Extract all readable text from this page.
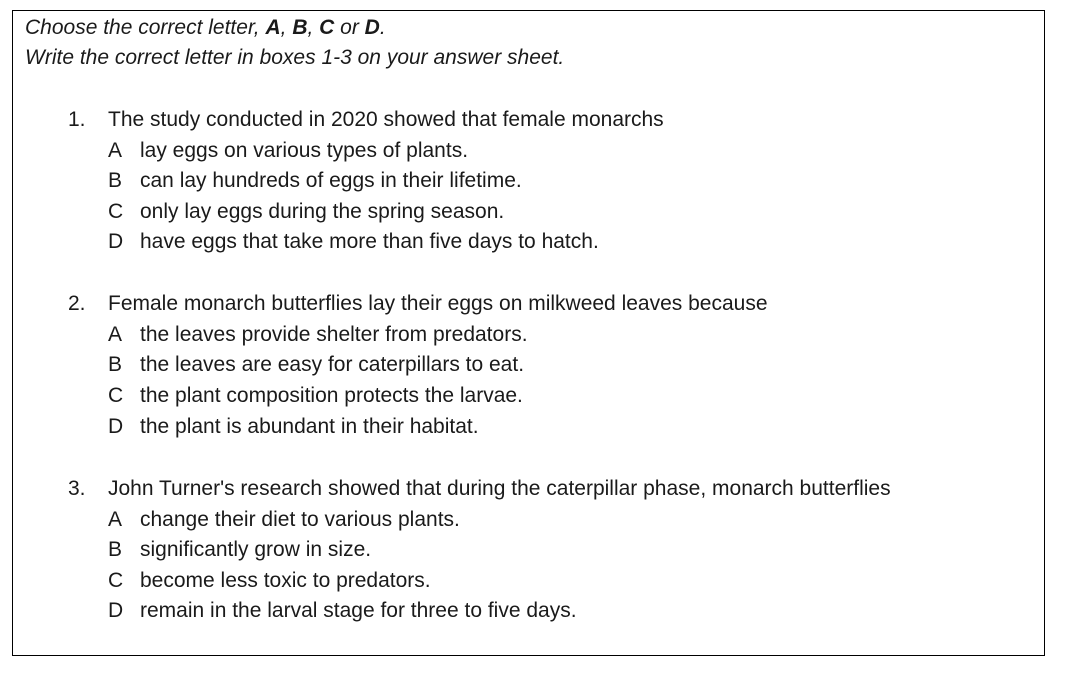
Choose the correct letter, A, B, C or D.
Write the correct letter in boxes 1-3 on your answer sheet.
1. The study conducted in 2020 showed that female monarchs
A lay eggs on various types of plants.
B can lay hundreds of eggs in their lifetime.
C only lay eggs during the spring season.
D have eggs that take more than five days to hatch.
2. Female monarch butterflies lay their eggs on milkweed leaves because
A the leaves provide shelter from predators.
B the leaves are easy for caterpillars to eat.
C the plant composition protects the larvae.
D the plant is abundant in their habitat.
3. John Turner's research showed that during the caterpillar phase, monarch butterflies
A change their diet to various plants.
B significantly grow in size.
C become less toxic to predators.
D remain in the larval stage for three to five days.
